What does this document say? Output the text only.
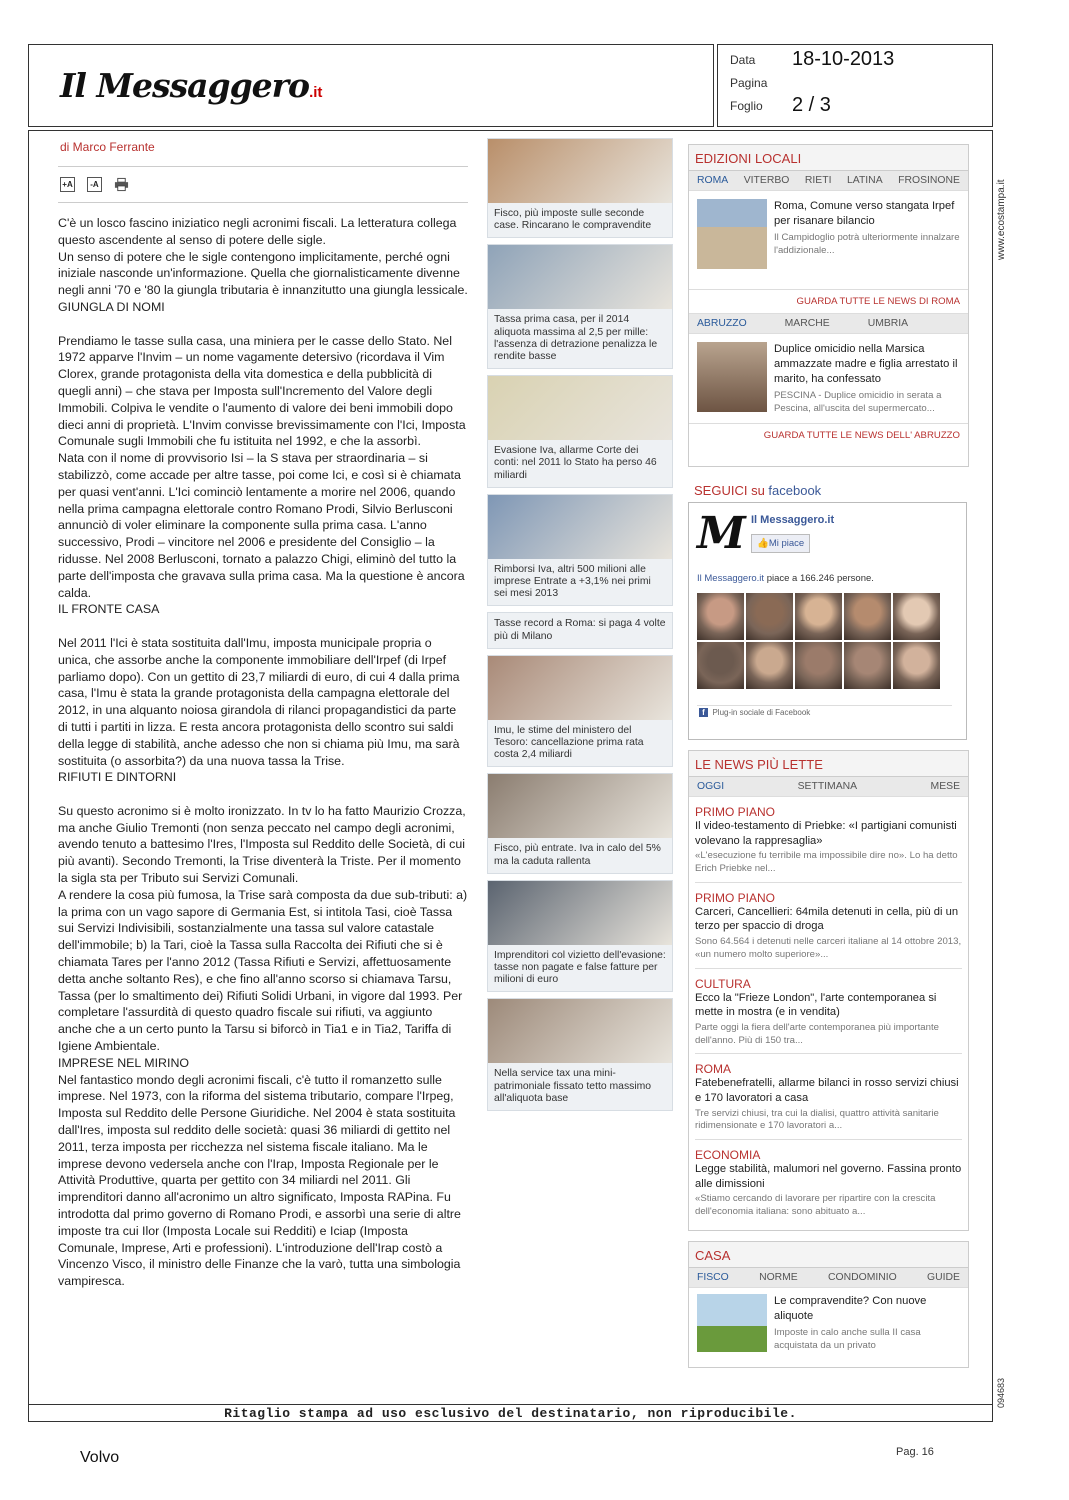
Il Messaggero.it
Data 18-10-2013
Pagina
Foglio 2 / 3
Ritaglio stampa ad uso esclusivo del destinatario, non riproducibile.
www.ecostampa.it
094683
di Marco Ferrante
+A	-A

C'è un losco fascino iniziatico negli acronimi fiscali. La letteratura collega questo ascendente al senso di potere delle sigle.

Un senso di potere che le sigle contengono implicitamente, perché ogni iniziale nasconde un'informazione. Quella che giornalisticamente divenne negli anni '70 e '80 la giungla tributaria è innanzitutto una giungla lessicale.

GIUNGLA DI NOMI

Prendiamo le tasse sulla casa, una miniera per le casse dello Stato. Nel 1972 apparve l'Invim – un nome vagamente detersivo (ricordava il Vim Clorex, grande protagonista della vita domestica e della pubblicità di quegli anni) – che stava per Imposta sull'Incremento del Valore degli Immobili. Colpiva le vendite o l'aumento di valore dei beni immobili dopo dieci anni di proprietà. L'Invim convisse brevissimamente con l'Ici, Imposta Comunale sugli Immobili che fu istituita nel 1992, e che la assorbì.

Nata con il nome di provvisorio Isi – la S stava per straordinaria – si stabilizzò, come accade per altre tasse, poi come Ici, e così si è chiamata per quasi vent'anni. L'Ici cominciò lentamente a morire nel 2006, quando nella prima campagna elettorale contro Romano Prodi, Silvio Berlusconi annunciò di voler eliminare la componente sulla prima casa. L'anno successivo, Prodi – vincitore nel 2006 e presidente del Consiglio – la ridusse. Nel 2008 Berlusconi, tornato a palazzo Chigi, eliminò del tutto la parte dell'imposta che gravava sulla prima casa. Ma la questione è ancora calda.

IL FRONTE CASA

Nel 2011 l'Ici è stata sostituita dall'Imu, imposta municipale propria o unica, che assorbe anche la componente immobiliare dell'Irpef (di Irpef parliamo dopo). Con un gettito di 23,7 miliardi di euro, di cui 4 dalla prima casa, l'Imu è stata la grande protagonista della campagna elettorale del 2012, in una alquanto noiosa girandola di rilanci propagandistici da parte di tutti i partiti in lizza. E resta ancora protagonista dello scontro sui saldi della legge di stabilità, anche adesso che non si chiama più Imu, ma sarà sostituita (o assorbita?) da una nuova tassa la Trise.

RIFIUTI E DINTORNI

Su questo acronimo si è molto ironizzato. In tv lo ha fatto Maurizio Crozza, ma anche Giulio Tremonti (non senza peccato nel campo degli acronimi, avendo tenuto a battesimo l'Ires, l'Imposta sul Reddito delle Società, di cui più avanti). Secondo Tremonti, la Trise diventerà la Triste. Per il momento la sigla sta per Tributo sui Servizi Comunali.

A rendere la cosa più fumosa, la Trise sarà composta da due sub-tributi: a) la prima con un vago sapore di Germania Est, si intitola Tasi, cioè Tassa sui Servizi Indivisibili, sostanzialmente una tassa sul valore catastale dell'immobile; b) la Tari, cioè la Tassa sulla Raccolta dei Rifiuti che si è chiamata Tares per l'anno 2012 (Tassa Rifiuti e Servizi, affettuosamente detta anche soltanto Res), e che fino all'anno scorso si chiamava Tarsu, Tassa (per lo smaltimento dei) Rifiuti Solidi Urbani, in vigore dal 1993. Per completare l'assurdità di questo quadro fiscale sui rifiuti, va aggiunto anche che a un certo punto la Tarsu si biforcò in Tia1 e in Tia2, Tariffa di Igiene Ambientale.

IMPRESE NEL MIRINO

Nel fantastico mondo degli acronimi fiscali, c'è tutto il romanzetto sulle imprese. Nel 1973, con la riforma del sistema tributario, compare l'Irpeg, Imposta sul Reddito delle Persone Giuridiche. Nel 2004 è stata sostituita dall'Ires, imposta sul reddito delle società: quasi 36 miliardi di gettito nel 2011, terza imposta per ricchezza nel sistema fiscale italiano. Ma le imprese devono vedersela anche con l'Irap, Imposta Regionale per le Attività Produttive, quarta per gettito con 34 miliardi nel 2011. Gli imprenditori danno all'acronimo un altro significato, Imposta RAPina. Fu introdotta dal primo governo di Romano Prodi, e assorbì una serie di altre imposte tra cui Ilor (Imposta Locale sui Redditi) e Iciap (Imposta Comunale, Imprese, Arti e professioni). L'introduzione dell'Irap costò a Vincenzo Visco, il ministro delle Finanze che la varò, tutta una simbologia vampiresca.

Fisco, più imposte sulle seconde case. Rincarano le compravendite
Tassa prima casa, per il 2014 aliquota massima al 2,5 per mille: l'assenza di detrazione penalizza le rendite basse
Evasione Iva, allarme Corte dei conti: nel 2011 lo Stato ha perso 46 miliardi
Rimborsi Iva, altri 500 milioni alle imprese Entrate a +3,1% nei primi sei mesi 2013
Tasse record a Roma: si paga 4 volte più di Milano
Imu, le stime del ministero del Tesoro: cancellazione prima rata costa 2,4 miliardi
Fisco, più entrate. Iva in calo del 5% ma la caduta rallenta
Imprenditori col vizietto dell'evasione: tasse non pagate e false fatture per milioni di euro
Nella service tax una mini-patrimoniale fissato tetto massimo all'aliquota base
EDIZIONI LOCALI
ROMA VITERBO RIETI LATINA FROSINONE
Roma, Comune verso stangata Irpef per risanare bilancio
Il Campidoglio potrà ulteriormente innalzare l'addizionale...
GUARDA TUTTE LE NEWS DI ROMA
ABRUZZO	MARCHE	UMBRIA
Duplice omicidio nella Marsica ammazzate madre e figlia arrestato il marito, ha confessato
PESCINA - Duplice omicidio in serata a Pescina, all'uscita del supermercato...
GUARDA TUTTE LE NEWS DELL' ABRUZZO
SEGUICI su facebook
M Il Messaggero.it
👍Mi piace
Il Messaggero.it piace a 166.246 persone.
f Plug-in sociale di Facebook
LE NEWS PIÙ LETTE
OGGI	SETTIMANA	MESE
PRIMO PIANO
Il video-testamento di Priebke: «I partigiani comunisti volevano la rappresaglia»
«L'esecuzione fu terribile ma impossibile dire no». Lo ha detto Erich Priebke nel...
PRIMO PIANO
Carceri, Cancellieri: 64mila detenuti in cella, più di un terzo per spaccio di droga
Sono 64.564 i detenuti nelle carceri italiane al 14 ottobre 2013, «un numero molto superiore»...
CULTURA
Ecco la "Frieze London", l'arte contemporanea si mette in mostra (e in vendita)
Parte oggi la fiera dell'arte contemporanea più importante dell'anno. Più di 150 tra...
ROMA
Fatebenefratelli, allarme bilanci in rosso servizi chiusi e 170 lavoratori a casa
Tre servizi chiusi, tra cui la dialisi, quattro attività sanitarie ridimensionate e 170 lavoratori a...
ECONOMIA
Legge stabilità, malumori nel governo. Fassina pronto alle dimissioni
«Stiamo cercando di lavorare per ripartire con la crescita dell'economia italiana: sono abituato a...
CASA
FISCO	NORME	CONDOMINIO	GUIDE
Le compravendite? Con nuove aliquote
Imposte in calo anche sulla II casa acquistata da un privato
Volvo	Pag. 16
